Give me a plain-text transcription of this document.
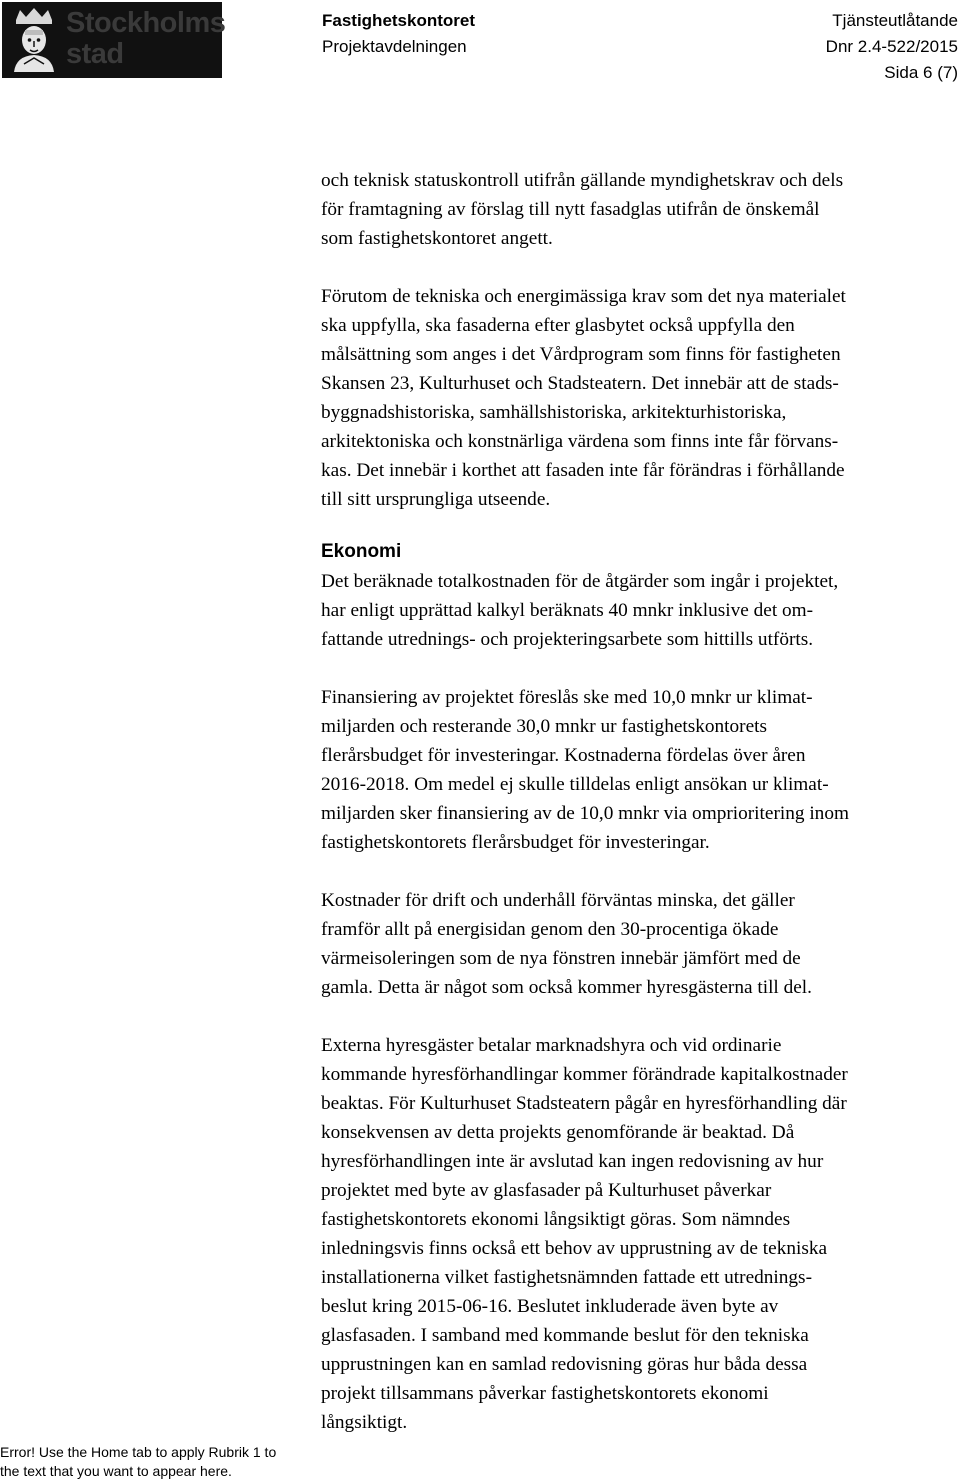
Stockholms
stad
Fastighetskontoret
Projektavdelningen
Tjänsteutlåtande
Dnr 2.4-522/2015
Sida 6 (7)

och teknisk statuskontroll utifrån gällande myndighetskrav och dels

för framtagning av förslag till nytt fasadglas utifrån de önskemål

som fastighetskontoret angett.

Förutom de tekniska och energimässiga krav som det nya materialet

ska uppfylla, ska fasaderna efter glasbytet också uppfylla den

målsättning som anges i det Vårdprogram som finns för fastigheten

Skansen 23, Kulturhuset och Stadsteatern. Det innebär att de stads-

byggnadshistoriska, samhällshistoriska, arkitekturhistoriska,

arkitektoniska och konstnärliga värdena som finns inte får förvans-

kas. Det innebär i korthet att fasaden inte får förändras i förhållande

till sitt ursprungliga utseende.

Ekonomi

Det beräknade totalkostnaden för de åtgärder som ingår i projektet,

har enligt upprättad kalkyl beräknats 40 mnkr inklusive det om-

fattande utrednings- och projekteringsarbete som hittills utförts.

Finansiering av projektet föreslås ske med 10,0 mnkr ur klimat-

miljarden och resterande 30,0 mnkr ur fastighetskontorets

flerårsbudget för investeringar. Kostnaderna fördelas över åren

2016-2018. Om medel ej skulle tilldelas enligt ansökan ur klimat-

miljarden sker finansiering av de 10,0 mnkr via omprioritering inom

fastighetskontorets flerårsbudget för investeringar.

Kostnader för drift och underhåll förväntas minska, det gäller

framför allt på energisidan genom den 30-procentiga ökade

värmeisoleringen som de nya fönstren innebär jämfört med de

gamla. Detta är något som också kommer hyresgästerna till del.

Externa hyresgäster betalar marknadshyra och vid ordinarie

kommande hyresförhandlingar kommer förändrade kapitalkostnader

beaktas. För Kulturhuset Stadsteatern pågår en hyresförhandling där

konsekvensen av detta projekts genomförande är beaktad. Då

hyresförhandlingen inte är avslutad kan ingen redovisning av hur

projektet med byte av glasfasader på Kulturhuset påverkar

fastighetskontorets ekonomi långsiktigt göras. Som nämndes

inledningsvis finns också ett behov av upprustning av de tekniska

installationerna vilket fastighetsnämnden fattade ett utrednings-

beslut kring 2015-06-16. Beslutet inkluderade även byte av

glasfasaden. I samband med kommande beslut för den tekniska

upprustningen kan en samlad redovisning göras hur båda dessa

projekt tillsammans påverkar fastighetskontorets ekonomi

långsiktigt.

Error! Use the Home tab to apply Rubrik 1 to
the text that you want to appear here.
